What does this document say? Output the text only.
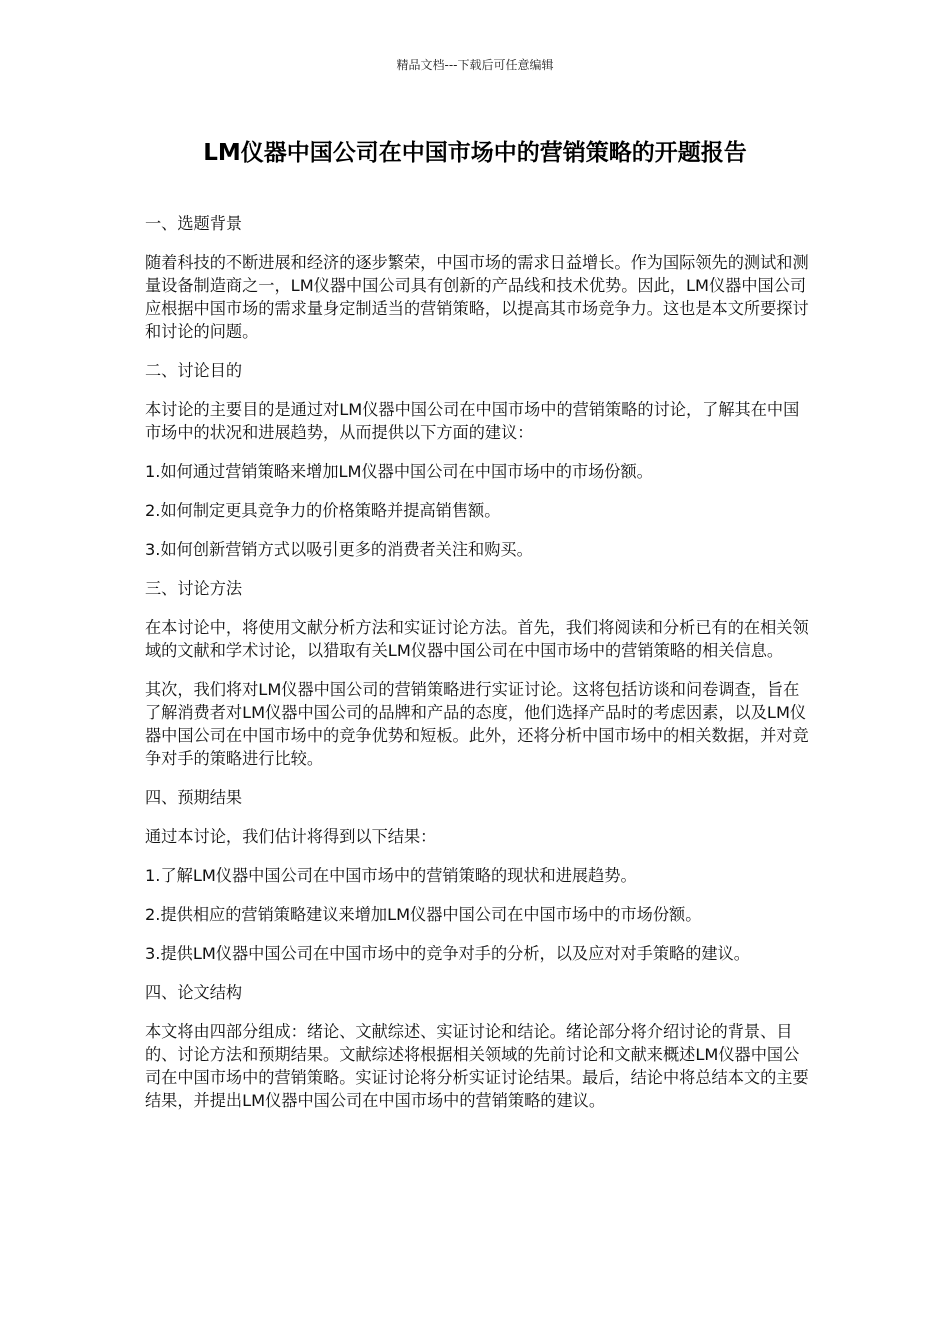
精品文档---下载后可任意编辑
LM仪器中国公司在中国市场中的营销策略的开题报告

一、选题背景

随着科技的不断进展和经济的逐步繁荣，中国市场的需求日益增长。作为国际领先的测试和测量设备制造商之一，LM仪器中国公司具有创新的产品线和技术优势。因此，LM仪器中国公司应根据中国市场的需求量身定制适当的营销策略，以提高其市场竞争力。这也是本文所要探讨和讨论的问题。

二、讨论目的

本讨论的主要目的是通过对LM仪器中国公司在中国市场中的营销策略的讨论，了解其在中国市场中的状况和进展趋势，从而提供以下方面的建议：

1.如何通过营销策略来增加LM仪器中国公司在中国市场中的市场份额。

2.如何制定更具竞争力的价格策略并提高销售额。

3.如何创新营销方式以吸引更多的消费者关注和购买。

三、讨论方法

在本讨论中，将使用文献分析方法和实证讨论方法。首先，我们将阅读和分析已有的在相关领域的文献和学术讨论，以猎取有关LM仪器中国公司在中国市场中的营销策略的相关信息。

其次，我们将对LM仪器中国公司的营销策略进行实证讨论。这将包括访谈和问卷调查，旨在了解消费者对LM仪器中国公司的品牌和产品的态度，他们选择产品时的考虑因素，以及LM仪器中国公司在中国市场中的竞争优势和短板。此外，还将分析中国市场中的相关数据，并对竞争对手的策略进行比较。

四、预期结果

通过本讨论，我们估计将得到以下结果：

1.了解LM仪器中国公司在中国市场中的营销策略的现状和进展趋势。

2.提供相应的营销策略建议来增加LM仪器中国公司在中国市场中的市场份额。

3.提供LM仪器中国公司在中国市场中的竞争对手的分析，以及应对对手策略的建议。

四、论文结构

本文将由四部分组成：绪论、文献综述、实证讨论和结论。绪论部分将介绍讨论的背景、目的、讨论方法和预期结果。文献综述将根据相关领域的先前讨论和文献来概述LM仪器中国公司在中国市场中的营销策略。实证讨论将分析实证讨论结果。最后，结论中将总结本文的主要结果，并提出LM仪器中国公司在中国市场中的营销策略的建议。
